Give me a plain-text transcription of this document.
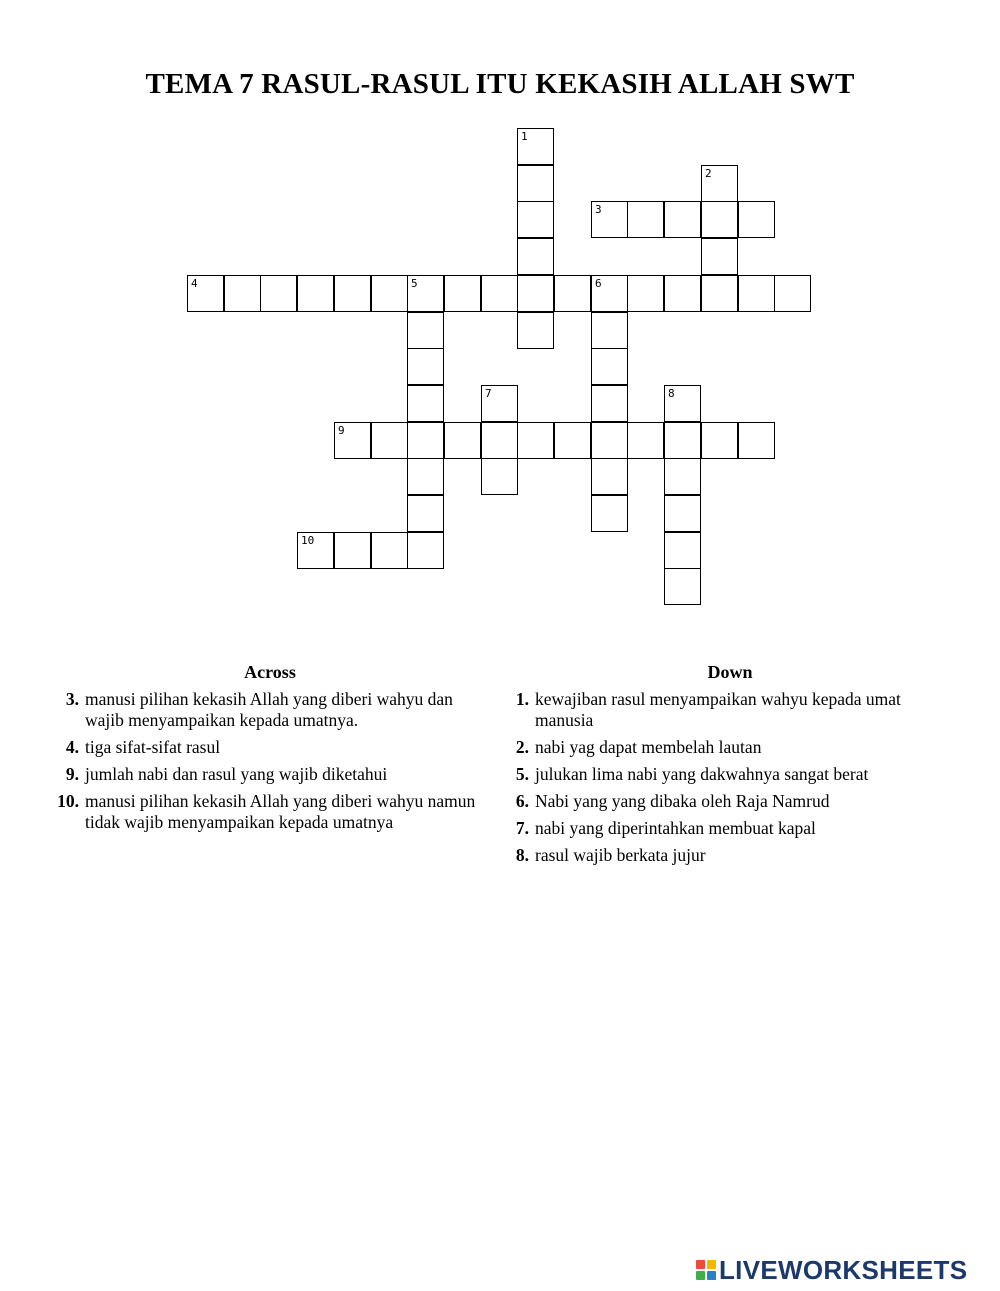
TEMA 7 RASUL-RASUL ITU KEKASIH ALLAH SWT
1
2
3
4	5	6
7	8
9
10
Across
3. manusi pilihan kekasih Allah yang diberi wahyu dan wajib menyampaikan kepada umatnya.
4. tiga sifat-sifat rasul
9. jumlah nabi dan rasul yang wajib diketahui
10. manusi pilihan kekasih Allah yang diberi wahyu namun tidak wajib menyampaikan kepada umatnya
Down
1. kewajiban rasul menyampaikan wahyu kepada umat manusia
2. nabi yag dapat membelah lautan
5. julukan lima nabi yang dakwahnya sangat berat
6. Nabi yang yang dibaka oleh Raja Namrud
7. nabi yang diperintahkan membuat kapal
8. rasul wajib berkata jujur
LIVEWORKSHEETS
